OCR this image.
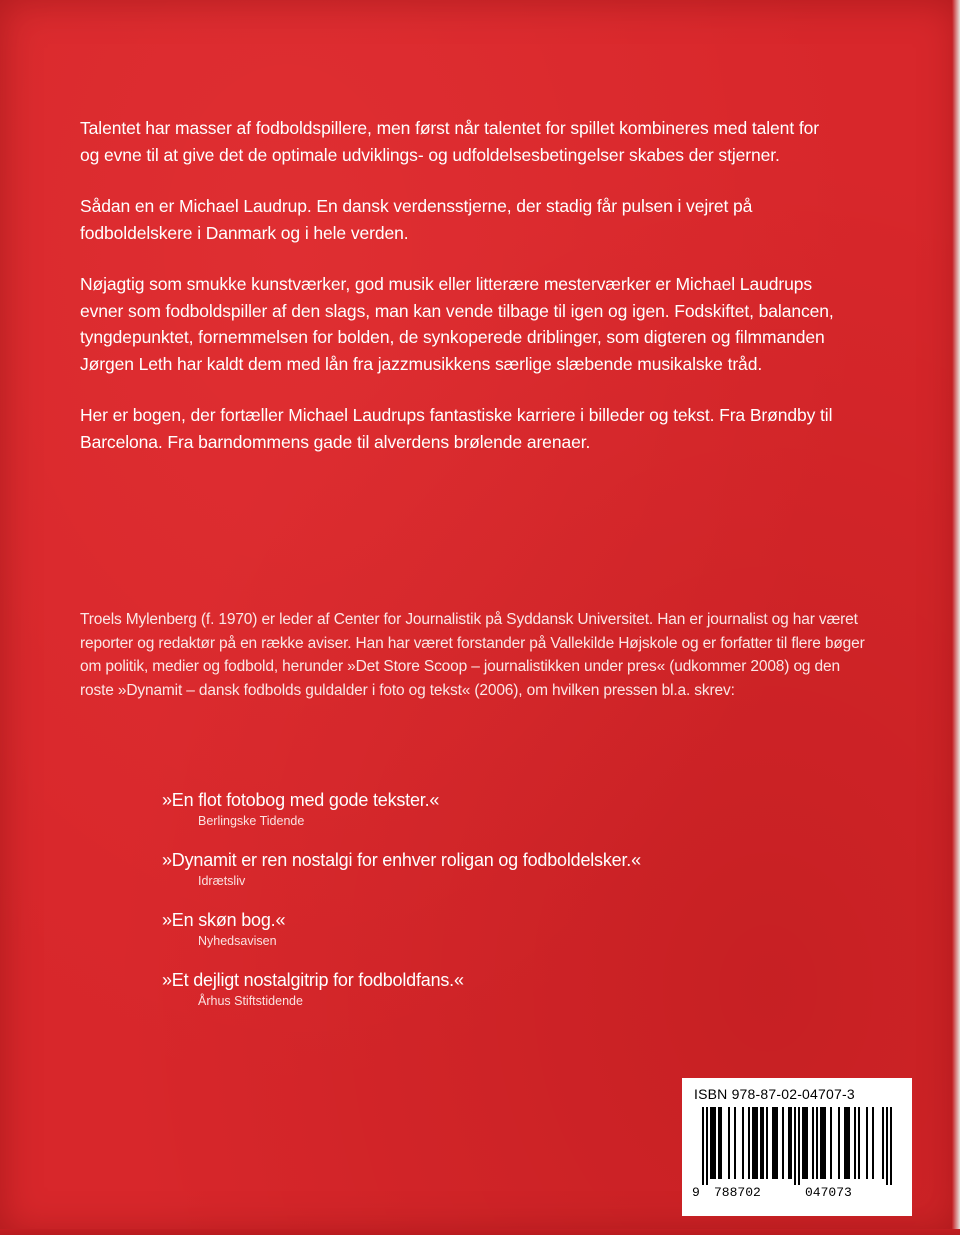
Talentet har masser af fodboldspillere, men først når talentet for spillet kombineres med talent for og evne til at give det de optimale udviklings- og udfoldelsesbetingelser skabes der stjerner.

Sådan en er Michael Laudrup. En dansk verdensstjerne, der stadig får pulsen i vejret på fodboldelskere i Danmark og i hele verden.

Nøjagtig som smukke kunstværker, god musik eller litterære mesterværker er Michael Laudrups evner som fodboldspiller af den slags, man kan vende tilbage til igen og igen. Fodskiftet, balancen, tyngdepunktet, fornemmelsen for bolden, de synkoperede driblinger, som digteren og filmmanden Jørgen Leth har kaldt dem med lån fra jazzmusikkens særlige slæbende musikalske tråd.

Her er bogen, der fortæller Michael Laudrups fantastiske karriere i billeder og tekst. Fra Brøndby til Barcelona. Fra barndommens gade til alverdens brølende arenaer.

Troels Mylenberg (f. 1970) er leder af Center for Journalistik på Syddansk Universitet. Han er journalist og har været reporter og redaktør på en række aviser. Han har været forstander på Vallekilde Højskole og er forfatter til flere bøger om politik, medier og fodbold, herunder »Det Store Scoop – journalistikken under pres« (udkommer 2008) og den roste »Dynamit – dansk fodbolds guldalder i foto og tekst« (2006), om hvilken pressen bl.a. skrev:

»En flot fotobog med gode tekster.«
Berlingske Tidende
»Dynamit er ren nostalgi for enhver roligan og fodboldelsker.«
Idrætsliv
»En skøn bog.«
Nyhedsavisen
»Et dejligt nostalgitrip for fodboldfans.«
Århus Stiftstidende
ISBN 978-87-02-04707-3
9 788702	047073
